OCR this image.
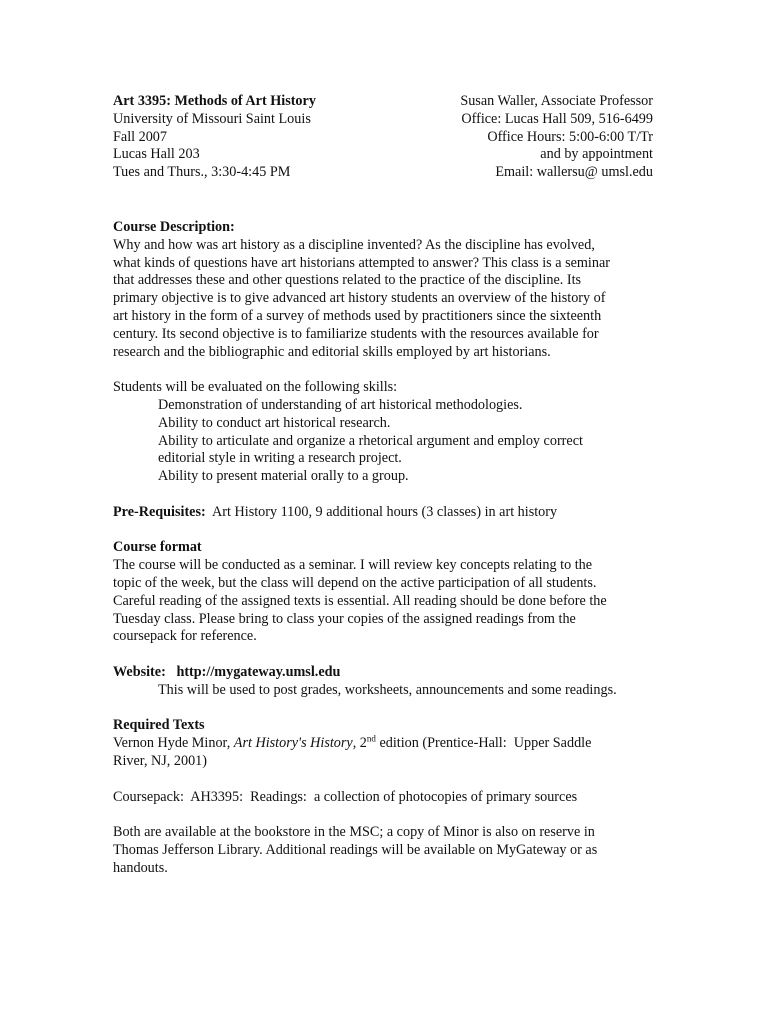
Art 3395: Methods of Art History
University of Missouri Saint Louis
Fall 2007
Lucas Hall 203
Tues and Thurs., 3:30-4:45 PM
Susan Waller, Associate Professor
Office: Lucas Hall 509, 516-6499
Office Hours: 5:00-6:00 T/Tr
and by appointment
Email: wallersu@ umsl.edu
Course Description:
Why and how was art history as a discipline invented? As the discipline has evolved,
what kinds of questions have art historians attempted to answer? This class is a seminar
that addresses these and other questions related to the practice of the discipline. Its
primary objective is to give advanced art history students an overview of the history of
art history in the form of a survey of methods used by practitioners since the sixteenth
century. Its second objective is to familiarize students with the resources available for
research and the bibliographic and editorial skills employed by art historians.
Students will be evaluated on the following skills:
Demonstration of understanding of art historical methodologies.
Ability to conduct art historical research.
Ability to articulate and organize a rhetorical argument and employ correct
editorial style in writing a research project.
Ability to present material orally to a group.
Pre-Requisites:  Art History 1100, 9 additional hours (3 classes) in art history
Course format
The course will be conducted as a seminar. I will review key concepts relating to the
topic of the week, but the class will depend on the active participation of all students.
Careful reading of the assigned texts is essential. All reading should be done before the
Tuesday class. Please bring to class your copies of the assigned readings from the
coursepack for reference.
Website:   http://mygateway.umsl.edu
This will be used to post grades, worksheets, announcements and some readings.
Required Texts
Vernon Hyde Minor, Art History's History, 2nd edition (Prentice-Hall:  Upper Saddle
River, NJ, 2001)
Coursepack:  AH3395:  Readings:  a collection of photocopies of primary sources
Both are available at the bookstore in the MSC; a copy of Minor is also on reserve in
Thomas Jefferson Library. Additional readings will be available on MyGateway or as
handouts.
